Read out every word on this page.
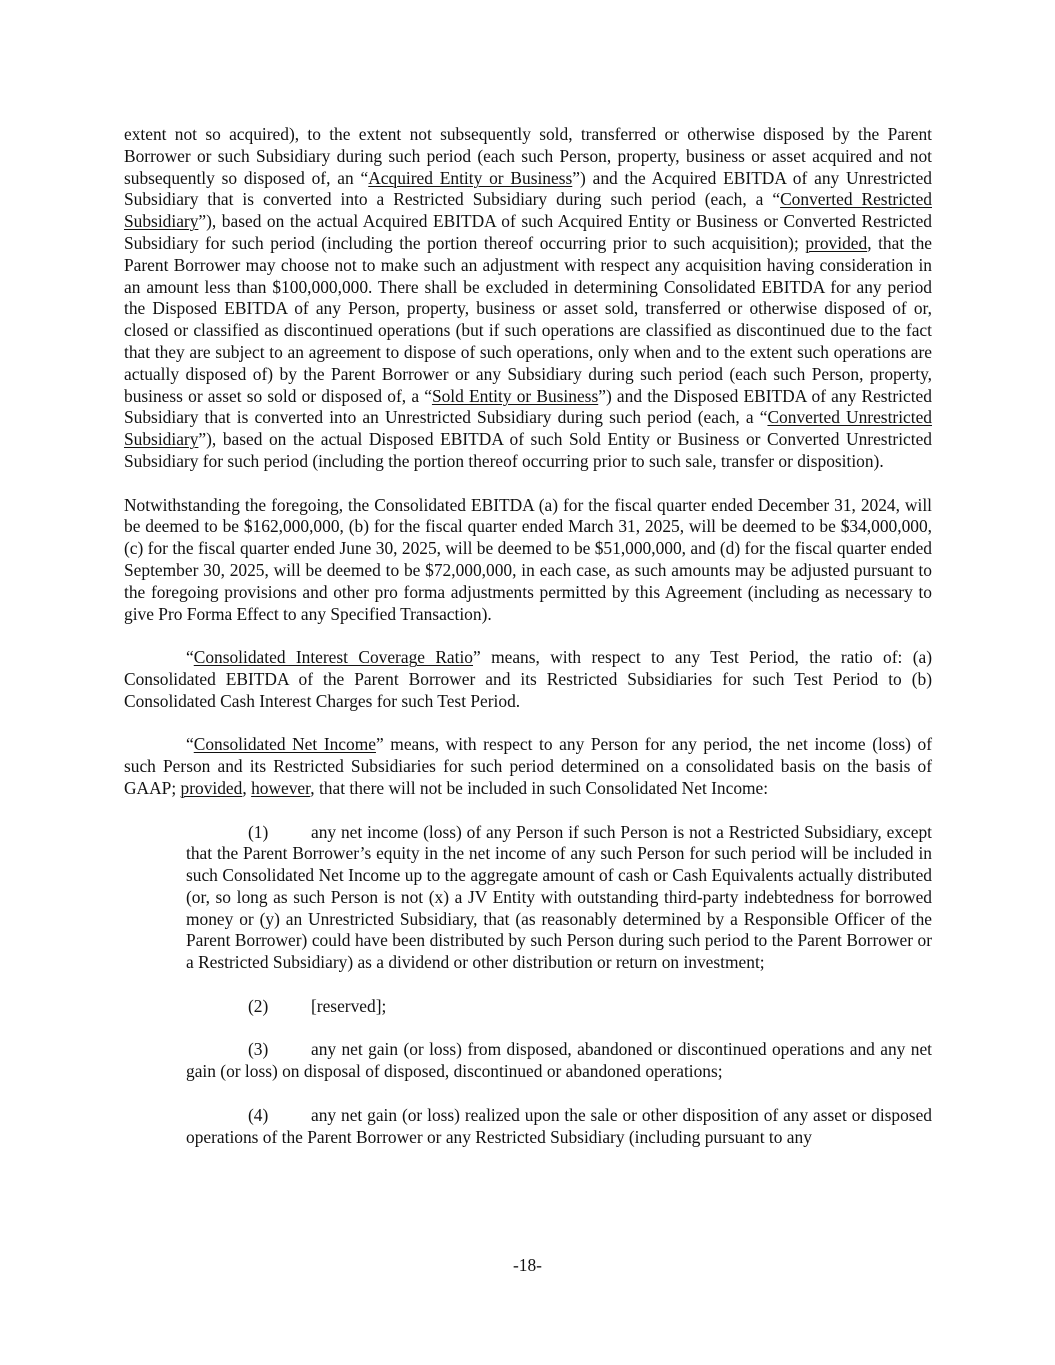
extent not so acquired), to the extent not subsequently sold, transferred or otherwise disposed by the Parent Borrower or such Subsidiary during such period (each such Person, property, business or asset acquired and not subsequently so disposed of, an “Acquired Entity or Business”) and the Acquired EBITDA of any Unrestricted Subsidiary that is converted into a Restricted Subsidiary during such period (each, a “Converted Restricted Subsidiary”), based on the actual Acquired EBITDA of such Acquired Entity or Business or Converted Restricted Subsidiary for such period (including the portion thereof occurring prior to such acquisition); provided, that the Parent Borrower may choose not to make such an adjustment with respect any acquisition having consideration in an amount less than $100,000,000. There shall be excluded in determining Consolidated EBITDA for any period the Disposed EBITDA of any Person, property, business or asset sold, transferred or otherwise disposed of or, closed or classified as discontinued operations (but if such operations are classified as discontinued due to the fact that they are subject to an agreement to dispose of such operations, only when and to the extent such operations are actually disposed of) by the Parent Borrower or any Subsidiary during such period (each such Person, property, business or asset so sold or disposed of, a “Sold Entity or Business”) and the Disposed EBITDA of any Restricted Subsidiary that is converted into an Unrestricted Subsidiary during such period (each, a “Converted Unrestricted Subsidiary”), based on the actual Disposed EBITDA of such Sold Entity or Business or Converted Unrestricted Subsidiary for such period (including the portion thereof occurring prior to such sale, transfer or disposition).

Notwithstanding the foregoing, the Consolidated EBITDA (a) for the fiscal quarter ended December 31, 2024, will be deemed to be $162,000,000, (b) for the fiscal quarter ended March 31, 2025, will be deemed to be $34,000,000, (c) for the fiscal quarter ended June 30, 2025, will be deemed to be $51,000,000, and (d) for the fiscal quarter ended September 30, 2025, will be deemed to be $72,000,000, in each case, as such amounts may be adjusted pursuant to the foregoing provisions and other pro forma adjustments permitted by this Agreement (including as necessary to give Pro Forma Effect to any Specified Transaction).

“Consolidated Interest Coverage Ratio” means, with respect to any Test Period, the ratio of: (a) Consolidated EBITDA of the Parent Borrower and its Restricted Subsidiaries for such Test Period to (b) Consolidated Cash Interest Charges for such Test Period.

“Consolidated Net Income” means, with respect to any Person for any period, the net income (loss) of such Person and its Restricted Subsidiaries for such period determined on a consolidated basis on the basis of GAAP; provided, however, that there will not be included in such Consolidated Net Income:

(1) any net income (loss) of any Person if such Person is not a Restricted Subsidiary, except that the Parent Borrower’s equity in the net income of any such Person for such period will be included in such Consolidated Net Income up to the aggregate amount of cash or Cash Equivalents actually distributed (or, so long as such Person is not (x) a JV Entity with outstanding third-party indebtedness for borrowed money or (y) an Unrestricted Subsidiary, that (as reasonably determined by a Responsible Officer of the Parent Borrower) could have been distributed by such Person during such period to the Parent Borrower or a Restricted Subsidiary) as a dividend or other distribution or return on investment;

(2) [reserved];

(3) any net gain (or loss) from disposed, abandoned or discontinued operations and any net gain (or loss) on disposal of disposed, discontinued or abandoned operations;

(4) any net gain (or loss) realized upon the sale or other disposition of any asset or disposed operations of the Parent Borrower or any Restricted Subsidiary (including pursuant to any

-18-
